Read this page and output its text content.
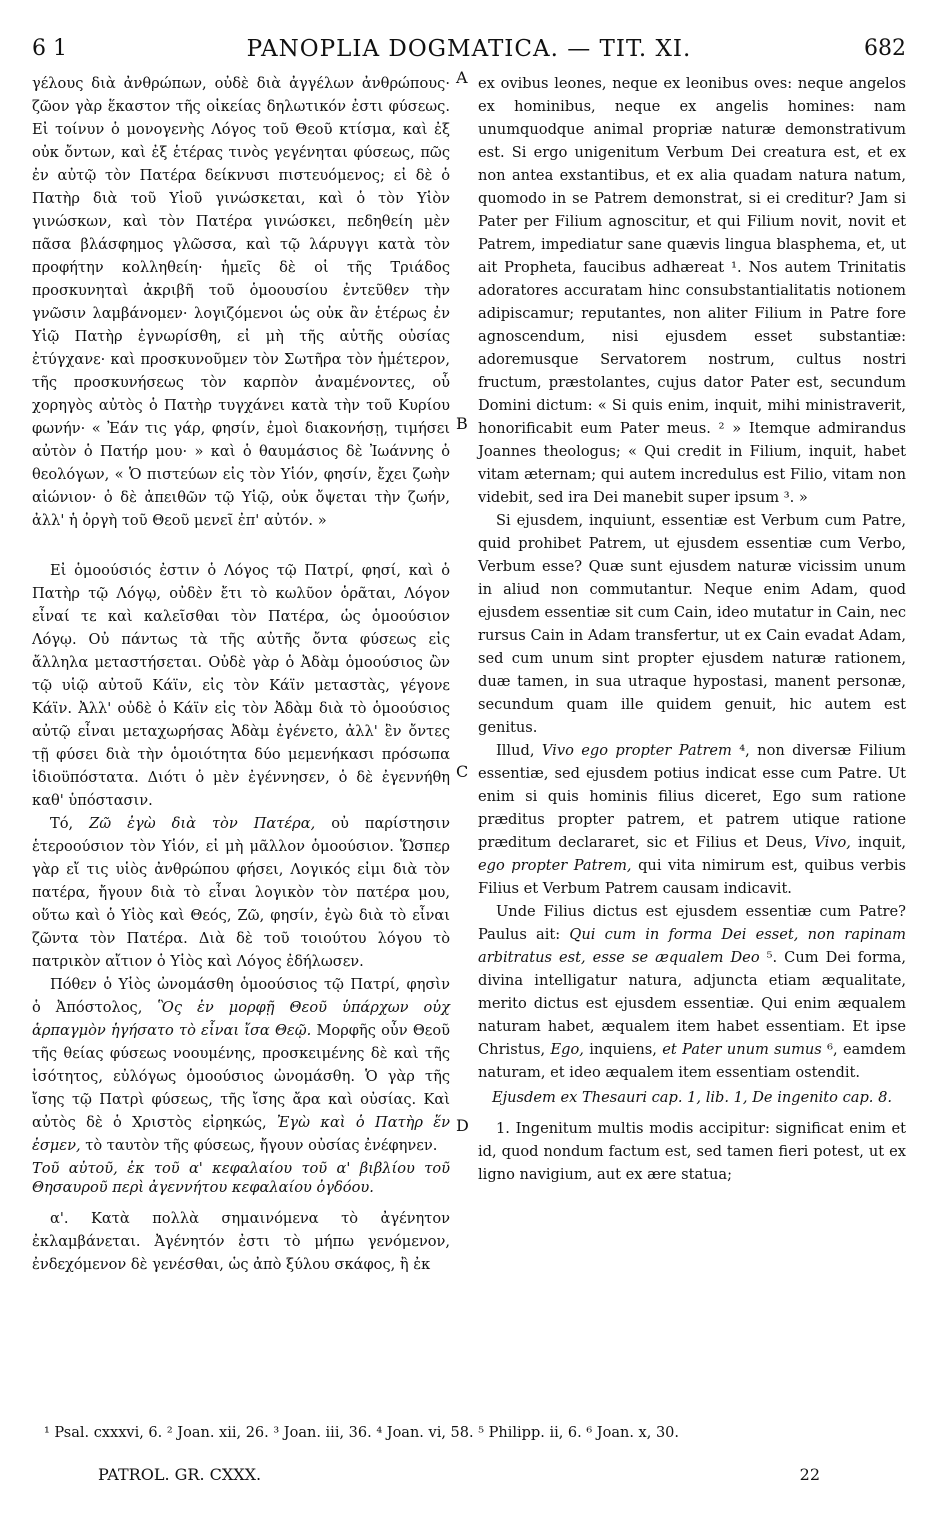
6 1	PANOPLIA DOGMATICA. — TIT. XI.	682

γέλους διὰ ἀνθρώπων, οὐδὲ διὰ ἀγγέλων ἀνθρώπους· ζῶον γὰρ ἕκαστον τῆς οἰκείας δηλωτικόν ἐστι φύσεως. Εἰ τοίνυν ὁ μονογενὴς Λόγος τοῦ Θεοῦ κτίσμα, καὶ ἐξ οὐκ ὄντων, καὶ ἐξ ἑτέρας τινὸς γεγένηται φύσεως, πῶς ἐν αὐτῷ τὸν Πατέρα δείκνυσι πιστευόμενος; εἰ δὲ ὁ Πατὴρ διὰ τοῦ Υἱοῦ γινώσκεται, καὶ ὁ τὸν Υἱὸν γινώσκων, καὶ τὸν Πατέρα γινώσκει, πεδηθείη μὲν πᾶσα βλάσφημος γλῶσσα, καὶ τῷ λάρυγγι κατὰ τὸν προφήτην κολληθείη· ἡμεῖς δὲ οἱ τῆς Τριάδος προσκυνηταὶ ἀκριβῆ τοῦ ὁμοουσίου ἐντεῦθεν τὴν γνῶσιν λαμβάνομεν· λογιζόμενοι ὡς οὐκ ἂν ἑτέρως ἐν Υἱῷ Πατὴρ ἐγνωρίσθη, εἰ μὴ τῆς αὐτῆς οὐσίας ἐτύγχανε· καὶ προσκυνοῦμεν τὸν Σωτῆρα τὸν ἡμέτερον, τῆς προσκυνήσεως τὸν καρπὸν ἀναμένοντες, οὗ χορηγὸς αὐτὸς ὁ Πατὴρ τυγχάνει κατὰ τὴν τοῦ Κυρίου φωνήν· « Ἐάν τις γάρ, φησίν, ἐμοὶ διακονήσῃ, τιμήσει αὐτὸν ὁ Πατήρ μου· » καὶ ὁ θαυμάσιος δὲ Ἰωάννης ὁ θεολόγων, « Ὁ πιστεύων εἰς τὸν Υἱόν, φησίν, ἔχει ζωὴν αἰώνιον· ὁ δὲ ἀπειθῶν τῷ Υἱῷ, οὐκ ὄψεται τὴν ζωήν, ἀλλ' ἡ ὀργὴ τοῦ Θεοῦ μενεῖ ἐπ' αὐτόν. »

Εἰ ὁμοούσιός ἐστιν ὁ Λόγος τῷ Πατρί, φησί, καὶ ὁ Πατὴρ τῷ Λόγῳ, οὐδὲν ἔτι τὸ κωλῦον ὁρᾶται, Λόγον εἶναί τε καὶ καλεῖσθαι τὸν Πατέρα, ὡς ὁμοούσιον Λόγῳ. Οὐ πάντως τὰ τῆς αὐτῆς ὄντα φύσεως εἰς ἄλληλα μεταστήσεται. Οὐδὲ γὰρ ὁ Ἀδὰμ ὁμοούσιος ὢν τῷ υἱῷ αὐτοῦ Κάϊν, εἰς τὸν Κάϊν μεταστὰς, γέγονε Κάϊν. Ἀλλ' οὐδὲ ὁ Κάϊν εἰς τὸν Ἀδὰμ διὰ τὸ ὁμοούσιος αὐτῷ εἶναι μεταχωρήσας Ἀδὰμ ἐγένετο, ἀλλ' ἓν ὄντες τῇ φύσει διὰ τὴν ὁμοιότητα δύο μεμενήκασι πρόσωπα ἰδιοϋπόστατα. Διότι ὁ μὲν ἐγέννησεν, ὁ δὲ ἐγεννήθη καθ' ὑπόστασιν.

Τό, Ζῶ ἐγὼ διὰ τὸν Πατέρα, οὐ παρίστησιν ἑτεροούσιον τὸν Υἱόν, εἰ μὴ μᾶλλον ὁμοούσιον. Ὥσπερ γὰρ εἴ τις υἱὸς ἀνθρώπου φήσει, Λογικός εἰμι διὰ τὸν πατέρα, ἤγουν διὰ τὸ εἶναι λογικὸν τὸν πατέρα μου, οὕτω καὶ ὁ Υἱὸς καὶ Θεός, Ζῶ, φησίν, ἐγὼ διὰ τὸ εἶναι ζῶντα τὸν Πατέρα. Διὰ δὲ τοῦ τοιούτου λόγου τὸ πατρικὸν αἴτιον ὁ Υἱὸς καὶ Λόγος ἐδήλωσεν.

Πόθεν ὁ Υἱὸς ὠνομάσθη ὁμοούσιος τῷ Πατρί, φησὶν ὁ Ἀπόστολος, Ὃς ἐν μορφῇ Θεοῦ ὑπάρχων οὐχ ἁρπαγμὸν ἡγήσατο τὸ εἶναι ἴσα Θεῷ. Μορφῆς οὖν Θεοῦ τῆς θείας φύσεως νοουμένης, προσκειμένης δὲ καὶ τῆς ἰσότητος, εὐλόγως ὁμοούσιος ὠνομάσθη. Ὁ γὰρ τῆς ἴσης τῷ Πατρὶ φύσεως, τῆς ἴσης ἄρα καὶ οὐσίας. Καὶ αὐτὸς δὲ ὁ Χριστὸς εἰρηκώς, Ἐγὼ καὶ ὁ Πατὴρ ἕν ἐσμεν, τὸ ταυτὸν τῆς φύσεως, ἤγουν οὐσίας ἐνέφηνεν.

Τοῦ αὐτοῦ, ἐκ τοῦ α' κεφαλαίου τοῦ α' βιβλίου τοῦ Θησαυροῦ περὶ ἀγεννήτου κεφαλαίου ὀγδόου.

α'. Κατὰ πολλὰ σημαινόμενα τὸ ἀγένητον ἐκλαμβάνεται. Ἀγένητόν ἐστι τὸ μήπω γενόμενον, ἐνδεχόμενον δὲ γενέσθαι, ὡς ἀπὸ ξύλου σκάφος, ἢ ἐκ

ex ovibus leones, neque ex leonibus oves: neque angelos ex hominibus, neque ex angelis homines: nam unumquodque animal propriæ naturæ demonstrativum est. Si ergo unigenitum Verbum Dei creatura est, et ex non antea exstantibus, et ex alia quadam natura natum, quomodo in se Patrem demonstrat, si ei creditur? Jam si Pater per Filium agnoscitur, et qui Filium novit, novit et Patrem, impediatur sane quævis lingua blasphema, et, ut ait Propheta, faucibus adhæreat ¹. Nos autem Trinitatis adoratores accuratam hinc consubstantialitatis notionem adipiscamur; reputantes, non aliter Filium in Patre fore agnoscendum, nisi ejusdem esset substantiæ: adoremusque Servatorem nostrum, cultus nostri fructum, præstolantes, cujus dator Pater est, secundum Domini dictum: « Si quis enim, inquit, mihi ministraverit, honorificabit eum Pater meus. ² » Itemque admirandus Joannes theologus; « Qui credit in Filium, inquit, habet vitam æternam; qui autem incredulus est Filio, vitam non videbit, sed ira Dei manebit super ipsum ³. »

Si ejusdem, inquiunt, essentiæ est Verbum cum Patre, quid prohibet Patrem, ut ejusdem essentiæ cum Verbo, Verbum esse? Quæ sunt ejusdem naturæ vicissim unum in aliud non commutantur. Neque enim Adam, quod ejusdem essentiæ sit cum Cain, ideo mutatur in Cain, nec rursus Cain in Adam transfertur, ut ex Cain evadat Adam, sed cum unum sint propter ejusdem naturæ rationem, duæ tamen, in sua utraque hypostasi, manent personæ, secundum quam ille quidem genuit, hic autem est genitus.

Illud, Vivo ego propter Patrem ⁴, non diversæ Filium essentiæ, sed ejusdem potius indicat esse cum Patre. Ut enim si quis hominis filius diceret, Ego sum ratione præditus propter patrem, et patrem utique ratione præditum declararet, sic et Filius et Deus, Vivo, inquit, ego propter Patrem, qui vita nimirum est, quibus verbis Filius et Verbum Patrem causam indicavit.

Unde Filius dictus est ejusdem essentiæ cum Patre? Paulus ait: Qui cum in forma Dei esset, non rapinam arbitratus est, esse se æqualem Deo ⁵. Cum Dei forma, divina intelligatur natura, adjuncta etiam æqualitate, merito dictus est ejusdem essentiæ. Qui enim æqualem naturam habet, æqualem item habet essentiam. Et ipse Christus, Ego, inquiens, et Pater unum sumus ⁶, eamdem naturam, et ideo æqualem item essentiam ostendit.

Ejusdem ex Thesauri cap. 1, lib. 1, De ingenito cap. 8.

1. Ingenitum multis modis accipitur: significat enim et id, quod nondum factum est, sed tamen fieri potest, ut ex ligno navigium, aut ex ære statua;

A
B
C
D
¹ Psal. cxxxvi, 6. ² Joan. xii, 26. ³ Joan. iii, 36. ⁴ Joan. vi, 58. ⁵ Philipp. ii, 6. ⁶ Joan. x, 30.
PATROL. GR. CXXX.	22
